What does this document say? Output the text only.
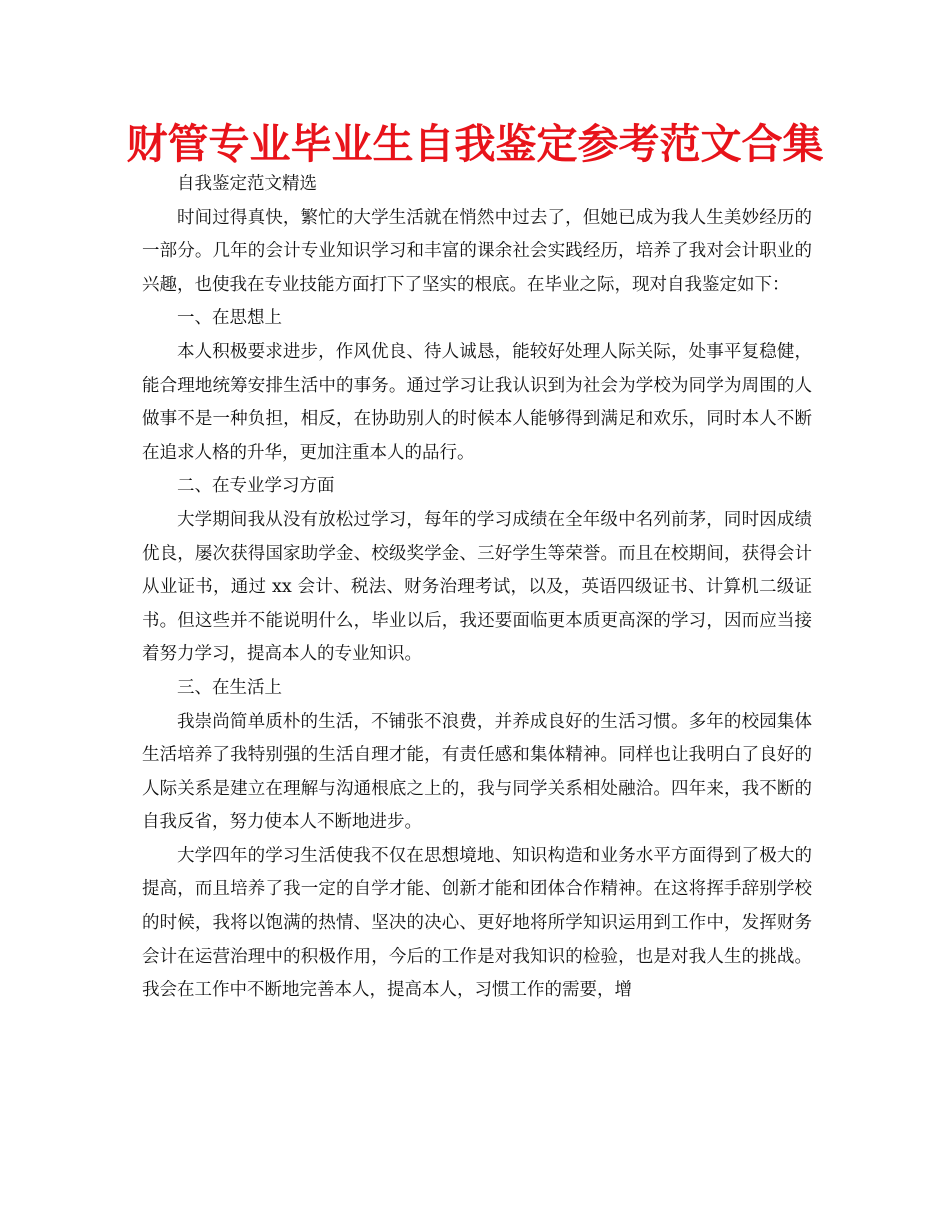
财管专业毕业生自我鉴定参考范文合集

自我鉴定范文精选

时间过得真快，繁忙的大学生活就在悄然中过去了，但她已成为我人生美妙经历的一部分。几年的会计专业知识学习和丰富的课余社会实践经历，培养了我对会计职业的兴趣，也使我在专业技能方面打下了坚实的根底。在毕业之际，现对自我鉴定如下：

一、在思想上

本人积极要求进步，作风优良、待人诚恳，能较好处理人际关际，处事平复稳健，能合理地统筹安排生活中的事务。通过学习让我认识到为社会为学校为同学为周围的人做事不是一种负担，相反，在协助别人的时候本人能够得到满足和欢乐，同时本人不断在追求人格的升华，更加注重本人的品行。

二、在专业学习方面

大学期间我从没有放松过学习，每年的学习成绩在全年级中名列前茅，同时因成绩优良，屡次获得国家助学金、校级奖学金、三好学生等荣誉。而且在校期间，获得会计从业证书，通过 xx 会计、税法、财务治理考试，以及，英语四级证书、计算机二级证书。但这些并不能说明什么，毕业以后，我还要面临更本质更高深的学习，因而应当接着努力学习，提高本人的专业知识。

三、在生活上

我崇尚简单质朴的生活，不铺张不浪费，并养成良好的生活习惯。多年的校园集体生活培养了我特别强的生活自理才能，有责任感和集体精神。同样也让我明白了良好的人际关系是建立在理解与沟通根底之上的，我与同学关系相处融洽。四年来，我不断的自我反省，努力使本人不断地进步。

大学四年的学习生活使我不仅在思想境地、知识构造和业务水平方面得到了极大的提高，而且培养了我一定的自学才能、创新才能和团体合作精神。在这将挥手辞别学校的时候，我将以饱满的热情、坚决的决心、更好地将所学知识运用到工作中，发挥财务会计在运营治理中的积极作用，今后的工作是对我知识的检验，也是对我人生的挑战。我会在工作中不断地完善本人，提高本人，习惯工作的需要，增
